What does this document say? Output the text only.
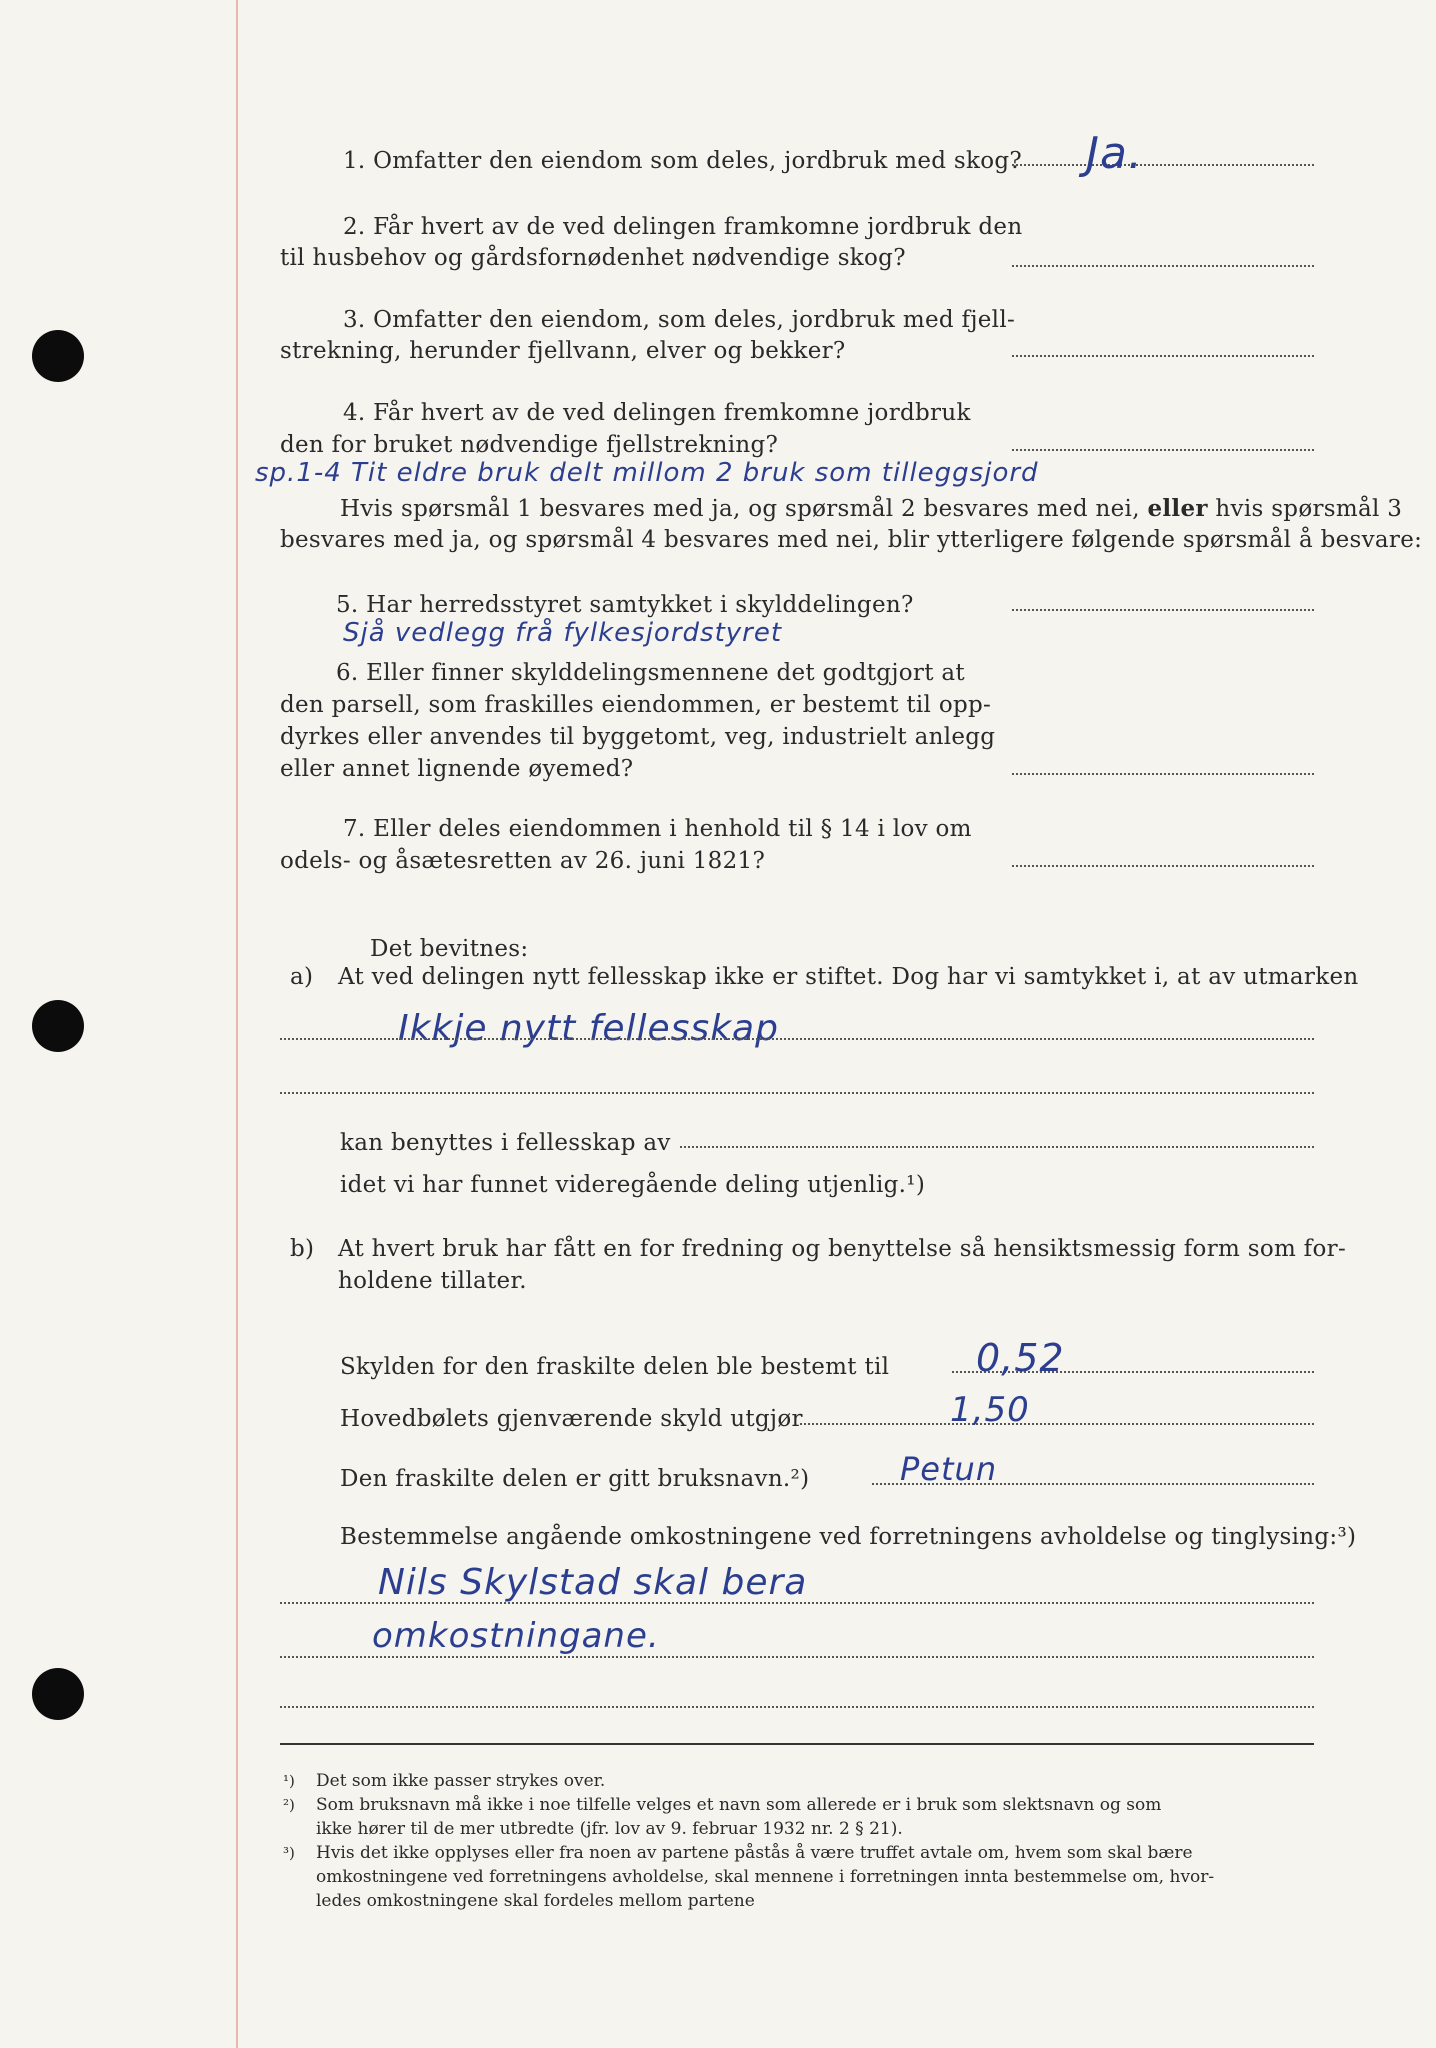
1. Omfatter den eiendom som deles, jordbruk med skog? Ja.
2. Får hvert av de ved delingen framkomne jordbruk den
til husbehov og gårdsfornødenhet nødvendige skog?
3. Omfatter den eiendom, som deles, jordbruk med fjell-
strekning, herunder fjellvann, elver og bekker?
4. Får hvert av de ved delingen fremkomne jordbruk
den for bruket nødvendige fjellstrekning?
sp.1-4 Tit eldre bruk delt millom 2 bruk som tilleggsjord
Hvis spørsmål 1 besvares med ja, og spørsmål 2 besvares med nei, eller hvis spørsmål 3
besvares med ja, og spørsmål 4 besvares med nei, blir ytterligere følgende spørsmål å besvare:
5. Har herredsstyret samtykket i skylddelingen?
Sjå vedlegg frå fylkesjordstyret
6. Eller finner skylddelingsmennene det godtgjort at
den parsell, som fraskilles eiendommen, er bestemt til opp-
dyrkes eller anvendes til byggetomt, veg, industrielt anlegg
eller annet lignende øyemed?
7. Eller deles eiendommen i henhold til § 14 i lov om
odels- og åsætesretten av 26. juni 1821?
Det bevitnes:
a) At ved delingen nytt fellesskap ikke er stiftet. Dog har vi samtykket i, at av utmarken
Ikkje nytt fellesskap
kan benyttes i fellesskap av
idet vi har funnet videregående deling utjenlig.¹)
b) At hvert bruk har fått en for fredning og benyttelse så hensiktsmessig form som for-
holdene tillater.
Skylden for den fraskilte delen ble bestemt til 0,52
Hovedbølets gjenværende skyld utgjør	1,50
Den fraskilte delen er gitt bruksnavn.²)	Petun
Bestemmelse angående omkostningene ved forretningens avholdelse og tinglysing:³)
Nils Skylstad skal bera
omkostningane.
¹) Det som ikke passer strykes over.
²) Som bruksnavn må ikke i noe tilfelle velges et navn som allerede er i bruk som slektsnavn og som
ikke hører til de mer utbredte (jfr. lov av 9. februar 1932 nr. 2 § 21).
³) Hvis det ikke opplyses eller fra noen av partene påstås å være truffet avtale om, hvem som skal bære
omkostningene ved forretningens avholdelse, skal mennene i forretningen innta bestemmelse om, hvor-
ledes omkostningene skal fordeles mellom partene
